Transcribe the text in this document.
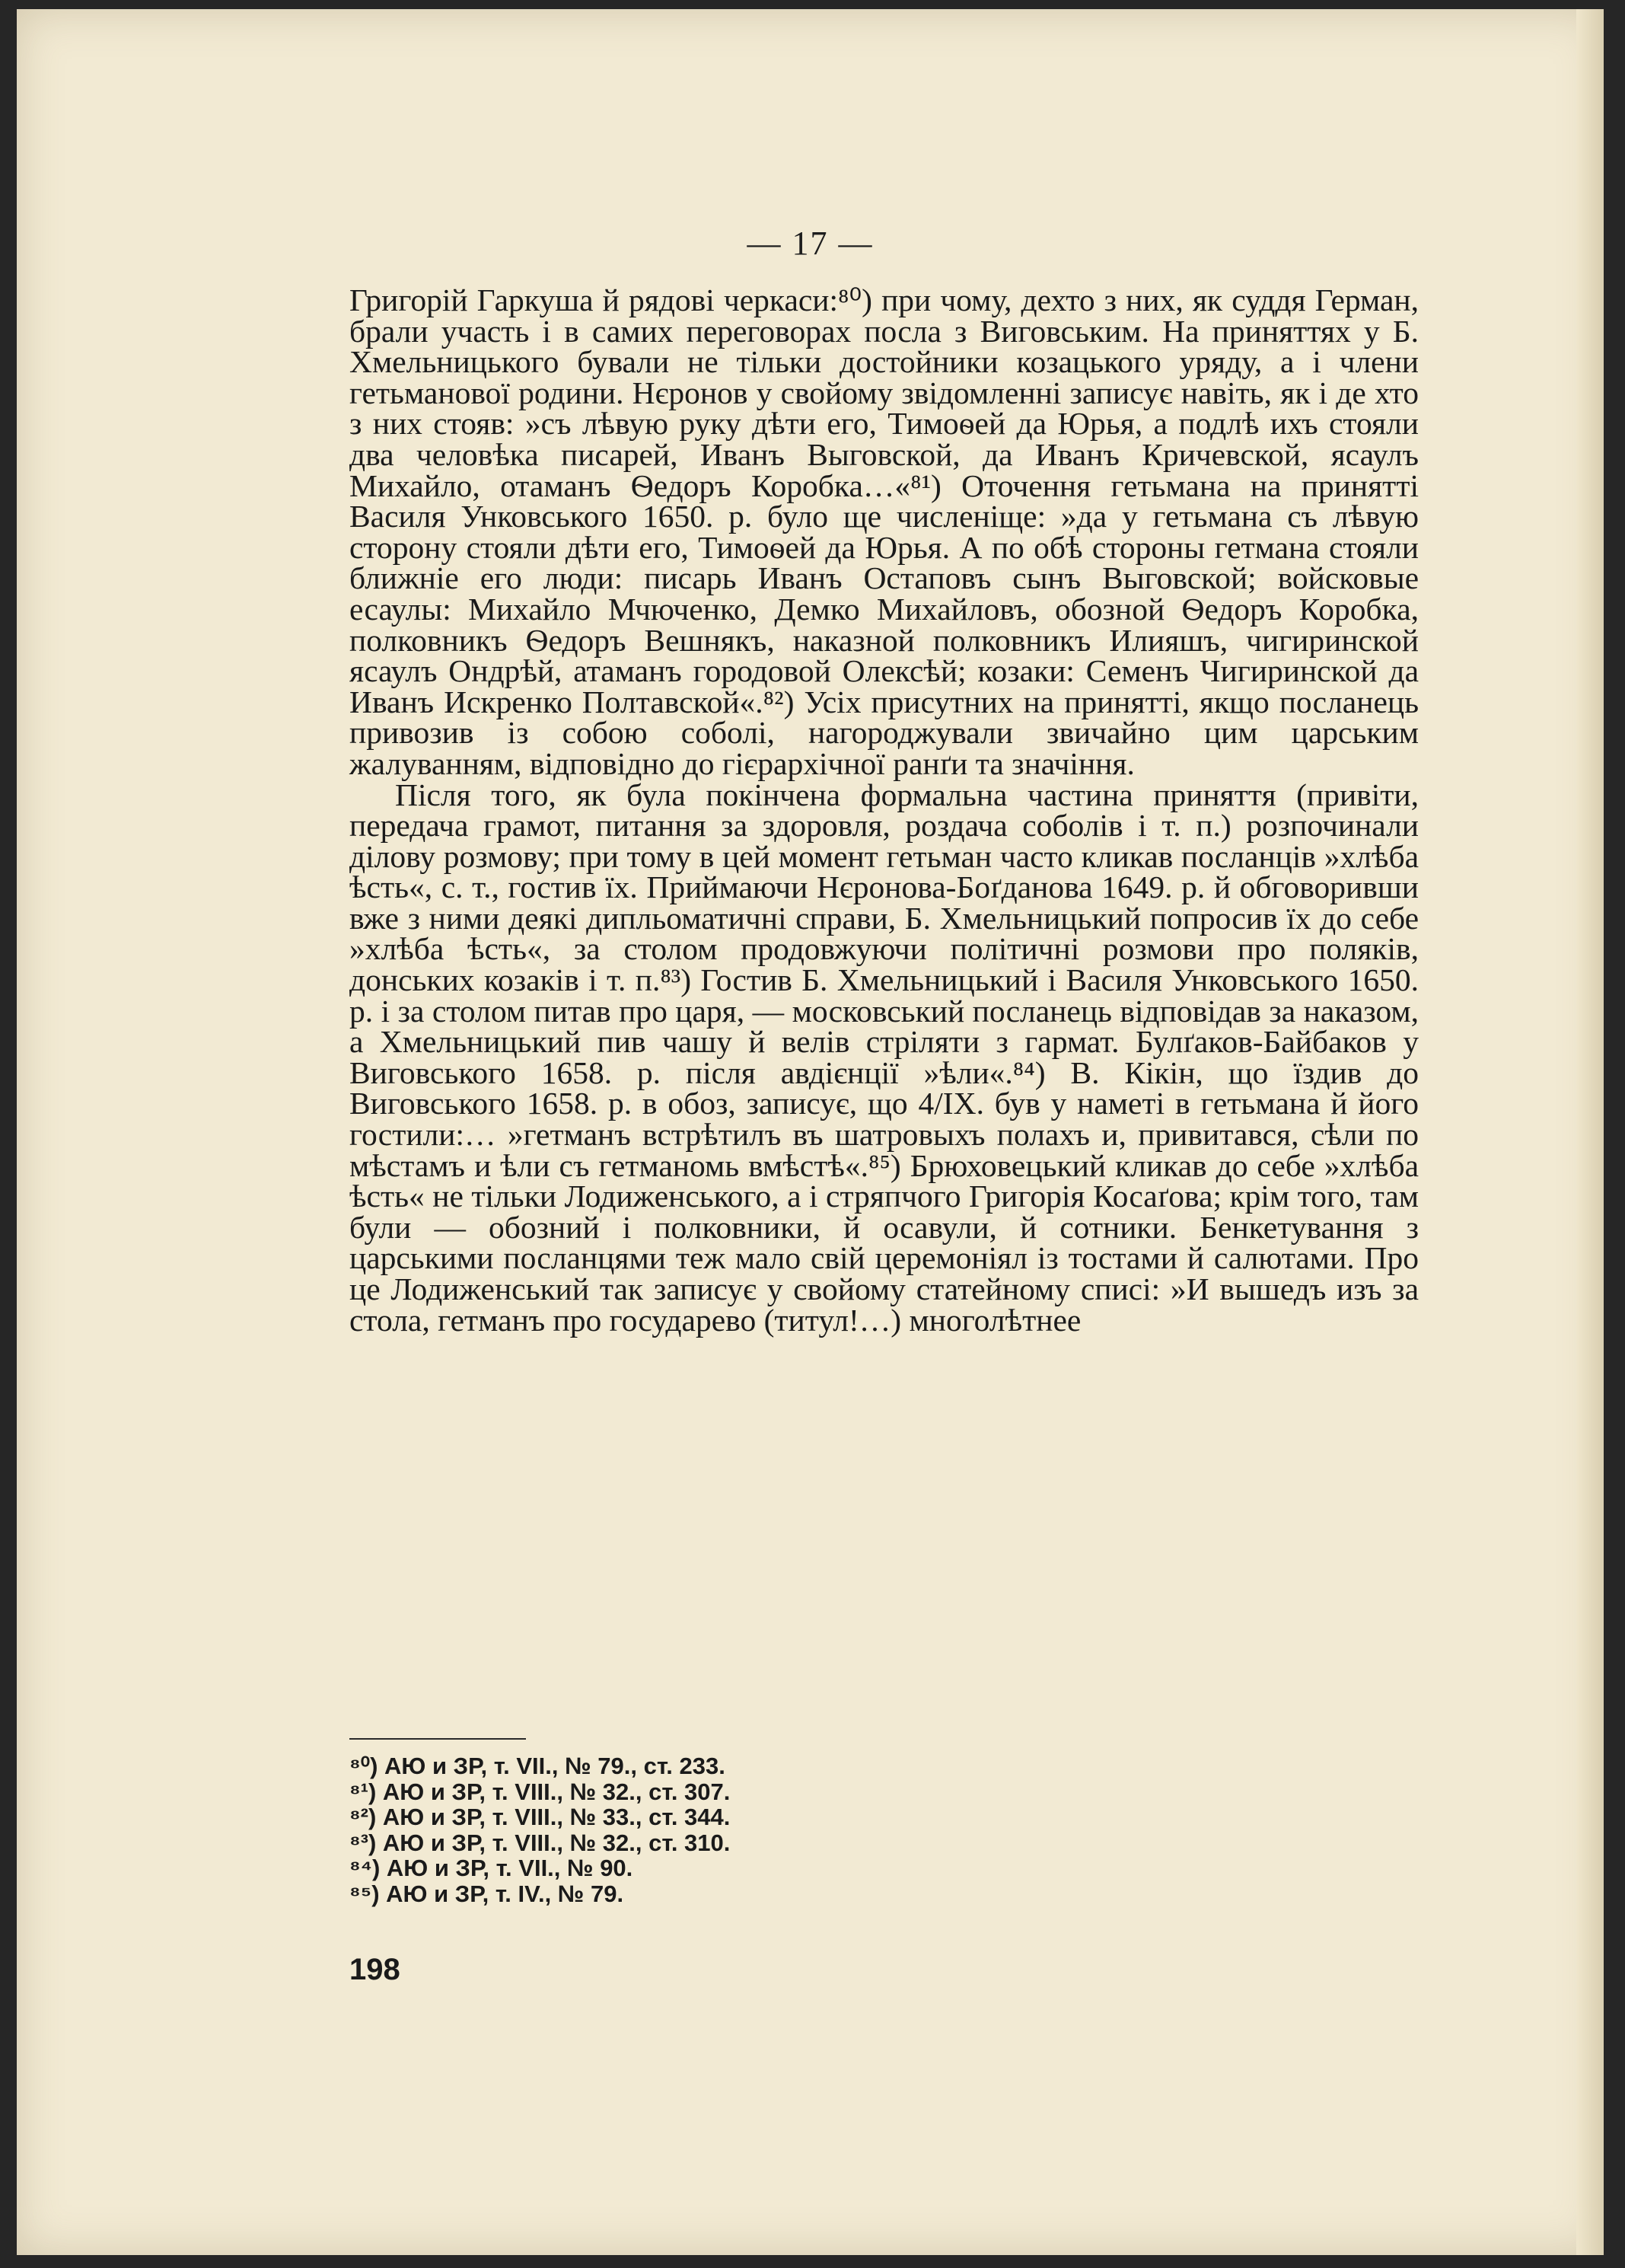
— 17 —

Григорій Гаркуша й рядові черкаси:⁸⁰) при чому, дехто з них, як суддя Герман, брали участь і в самих переговорах посла з Виговським. На приняттях у Б. Хмельницького бували не тільки достойники козацького уряду, а і члени гетьманової родини. Нєронов у свойому звідомленні записує навіть, як і де хто з них стояв: »съ лѣвую руку дѣти его, Тимоѳей да Юрья, а подлѣ ихъ стояли два человѣка писарей, Иванъ Выговской, да Иванъ Кричевской, ясаулъ Михайло, отаманъ Ѳедоръ Коробка…«⁸¹) Оточення гетьмана на принятті Василя Унковського 1650. р. було ще численіще: »да у гетьмана съ лѣвую сторону стояли дѣти его, Тимоѳей да Юрья. А по обѣ стороны гетмана стояли ближніе его люди: писарь Иванъ Остаповъ сынъ Выговской; войсковые есаулы: Михайло Мчюченко, Демко Михайловъ, обозной Ѳедоръ Коробка, полковникъ Ѳедоръ Вешнякъ, наказной полковникъ Илияшъ, чигиринской ясаулъ Ондрѣй, атаманъ городовой Олексѣй; козаки: Семенъ Чигиринской да Иванъ Искренко Полтавской«.⁸²) Усіх присутних на принятті, якщо посланець привозив із собою соболі, нагороджували звичайно цим царським жалуванням, відповідно до гієрархічної ранґи та значіння.

Після того, як була покінчена формальна частина приняття (привіти, передача грамот, питання за здоровля, роздача соболів і т. п.) розпочинали ділову розмову; при тому в цей момент гетьман часто кликав посланців »хлѣба ѣсть«, с. т., гостив їх. Приймаючи Нєронова-Боґданова 1649. р. й обговоривши вже з ними деякі дипльоматичні справи, Б. Хмельницький попросив їх до себе »хлѣба ѣсть«, за столом продовжуючи політичні розмови про поляків, донських козаків і т. п.⁸³) Гостив Б. Хмельницький і Василя Унковського 1650. р. і за столом питав про царя, — московський посланець відповідав за наказом, а Хмельницький пив чашу й велів стріляти з гармат. Булґаков-Байбаков у Виговського 1658. р. після авдієнції »ѣли«.⁸⁴) В. Кікін, що їздив до Виговського 1658. р. в обоз, записує, що 4/IX. був у наметі в гетьмана й його гостили:… »гетманъ встрѣтилъ въ шатровыхъ полахъ и, привитався, сѣли по мѣстамъ и ѣли съ гетманомь вмѣстѣ«.⁸⁵) Брюховецький кликав до себе »хлѣба ѣсть« не тільки Лодиженського, а і стряпчого Григорія Косаґова; крім того, там були — обозний і полковники, й осавули, й сотники. Бенкетування з царськими посланцями теж мало свій церемоніял із тостами й салютами. Про це Лодиженський так записує у свойому статейному списі: »И вышедъ изъ за стола, гетманъ про государево (титул!…) многолѣтнее

⁸⁰) АЮ и ЗР, т. VII., № 79., ст. 233.
⁸¹) АЮ и ЗР, т. VIII., № 32., ст. 307.
⁸²) АЮ и ЗР, т. VIII., № 33., ст. 344.
⁸³) АЮ и ЗР, т. VIII., № 32., ст. 310.
⁸⁴) АЮ и ЗР, т. VII., № 90.
⁸⁵) АЮ и ЗР, т. IV., № 79.
198
